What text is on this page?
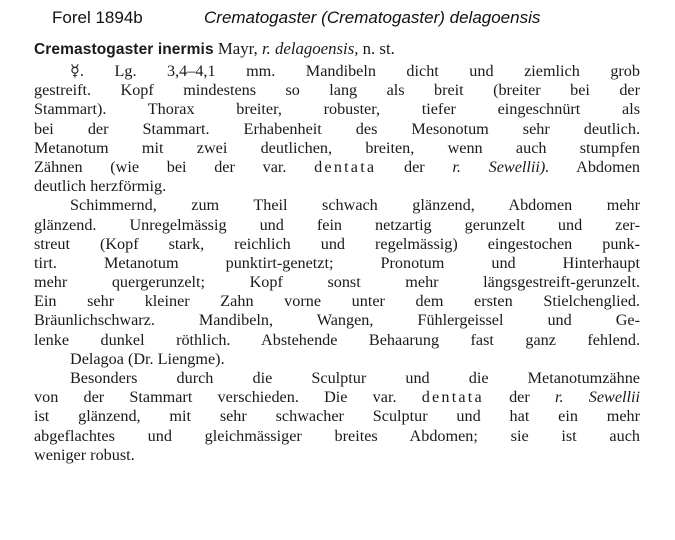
Forel 1894b	Crematogaster (Crematogaster) delagoensis
Cremastogaster inermis Mayr, r. delagoensis, n. st.
☿. Lg. 3,4–4,1 mm. Mandibeln dicht und ziemlich grob
gestreift. Kopf mindestens so lang als breit (breiter bei der
Stammart). Thorax breiter, robuster, tiefer eingeschnürt als
bei der Stammart. Erhabenheit des Mesonotum sehr deutlich.
Metanotum mit zwei deutlichen, breiten, wenn auch stumpfen
Zähnen (wie bei der var. dentata der r. Sewellii). Abdomen
deutlich herzförmig.
Schimmernd, zum Theil schwach glänzend, Abdomen mehr
glänzend. Unregelmässig und fein netzartig gerunzelt und zer-
streut (Kopf stark, reichlich und regelmässig) eingestochen punk-
tirt. Metanotum punktirt-genetzt; Pronotum und Hinterhaupt
mehr quergerunzelt; Kopf sonst mehr längsgestreift-gerunzelt.
Ein sehr kleiner Zahn vorne unter dem ersten Stielchenglied.
Bräunlichschwarz. Mandibeln, Wangen, Fühlergeissel und Ge-
lenke dunkel röthlich. Abstehende Behaarung fast ganz fehlend.
Delagoa (Dr. Liengme).
Besonders durch die Sculptur und die Metanotumzähne
von der Stammart verschieden. Die var. dentata der r. Sewellii
ist glänzend, mit sehr schwacher Sculptur und hat ein mehr
abgeflachtes und gleichmässiger breites Abdomen; sie ist auch
weniger robust.
